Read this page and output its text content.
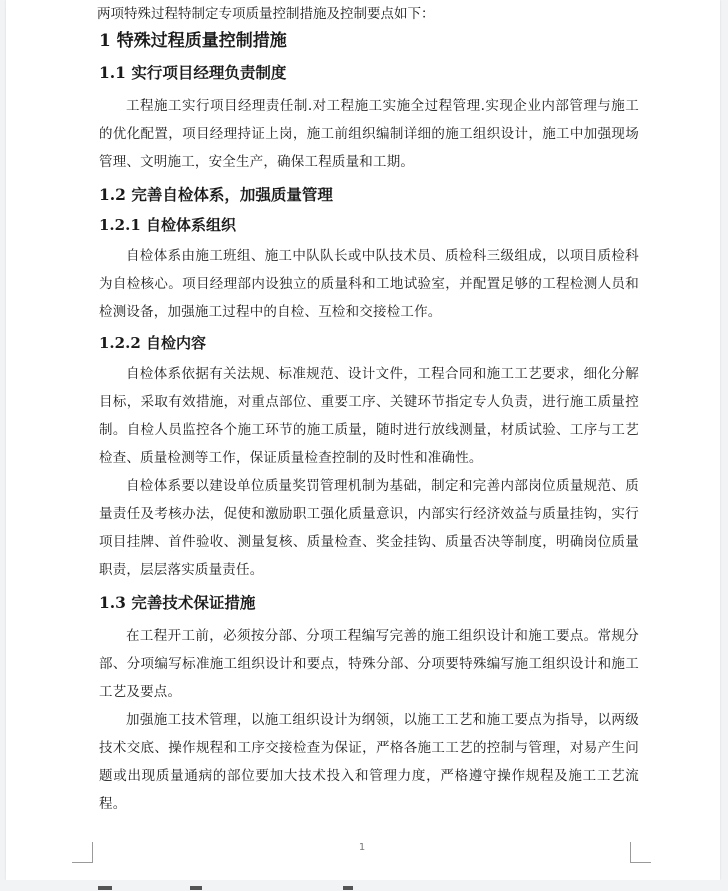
两项特殊过程特制定专项质量控制措施及控制要点如下：
1 特殊过程质量控制措施
1.1 实行项目经理负责制度

工程施工实行项目经理责任制.对工程施工实施全过程管理.实现企业内部管理与施工的优化配置，项目经理持证上岗，施工前组织编制详细的施工组织设计，施工中加强现场管理、文明施工，安全生产，确保工程质量和工期。

1.2 完善自检体系，加强质量管理
1.2.1 自检体系组织

自检体系由施工班组、施工中队队长或中队技术员、质检科三级组成，以项目质检科为自检核心。项目经理部内设独立的质量科和工地试验室，并配置足够的工程检测人员和检测设备，加强施工过程中的自检、互检和交接检工作。

1.2.2 自检内容

自检体系依据有关法规、标准规范、设计文件，工程合同和施工工艺要求，细化分解目标，采取有效措施，对重点部位、重要工序、关键环节指定专人负责，进行施工质量控制。自检人员监控各个施工环节的施工质量，随时进行放线测量，材质试验、工序与工艺检查、质量检测等工作，保证质量检查控制的及时性和准确性。

自检体系要以建设单位质量奖罚管理机制为基础，制定和完善内部岗位质量规范、质量责任及考核办法，促使和激励职工强化质量意识，内部实行经济效益与质量挂钩，实行项目挂牌、首件验收、测量复核、质量检查、奖金挂钩、质量否决等制度，明确岗位质量职责，层层落实质量责任。

1.3 完善技术保证措施

在工程开工前，必须按分部、分项工程编写完善的施工组织设计和施工要点。常规分部、分项编写标准施工组织设计和要点，特殊分部、分项要特殊编写施工组织设计和施工工艺及要点。

加强施工技术管理，以施工组织设计为纲领，以施工工艺和施工要点为指导，以两级技术交底、操作规程和工序交接检查为保证，严格各施工工艺的控制与管理，对易产生问题或出现质量通病的部位要加大技术投入和管理力度，严格遵守操作规程及施工工艺流程。

1
